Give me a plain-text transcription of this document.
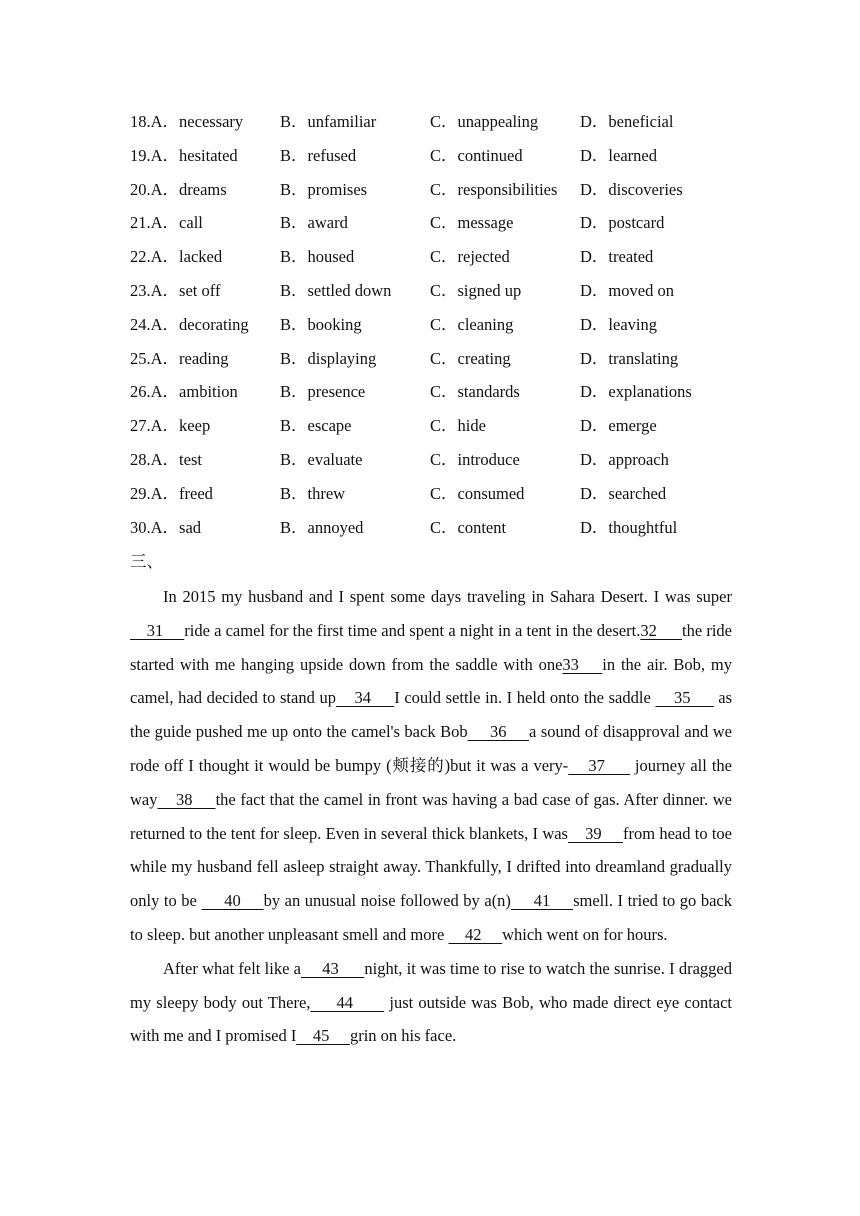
18.A．necessary B．unfamiliar	C．unappealing	D．beneficial
19.A．hesitated	B．refused	C．continued	D．learned
20.A．dreams	B．promises	C．responsibilities D．discoveries
21.A．call	B．award	C．message	D．postcard
22.A．lacked	B．housed	C．rejected	D．treated
23.A．set off	B．settled down C．signed up	D．moved on
24.A．decorating B．booking	C．cleaning	D．leaving
25.A．reading	B．displaying	C．creating	D．translating
26.A．ambition	B．presence	C．standards	D．explanations
27.A．keep	B．escape	C．hide	D．emerge
28.A．test	B．evaluate	C．introduce	D．approach
29.A．freed	B．threw	C．consumed	D．searched
30.A．sad	B．annoyed	C．content	D．thoughtful
三、

In 2015 my husband and I spent some days traveling in Sahara Desert. I was super    31     ride a camel for the first time and spent a night in a tent in the desert.32      the ride started with me hanging upside down from the saddle with one33    in the air. Bob, my camel, had decided to stand up    34     I could settle in. I held onto the saddle     35      as the guide pushed me up onto the camel's back Bob     36     a sound of disapproval and we rode off I thought it would be bumpy (颊接的)but it was a very-    37      journey all the way    38     the fact that the camel in front was having a bad case of gas. After dinner. we returned to the tent for sleep. Even in several thick blankets, I was    39     from head to toe while my husband fell asleep straight away. Thankfully, I drifted into dreamland gradually only to be      40     by an unusual noise followed by a(n)     41     smell. I tried to go back to sleep. but another unpleasant smell and more     42     which went on for hours.

After what felt like a     43      night, it was time to rise to watch the sunrise. I dragged my sleepy body out There,     44       just outside was Bob, who made direct eye contact with me and I promised I    45     grin on his face.
